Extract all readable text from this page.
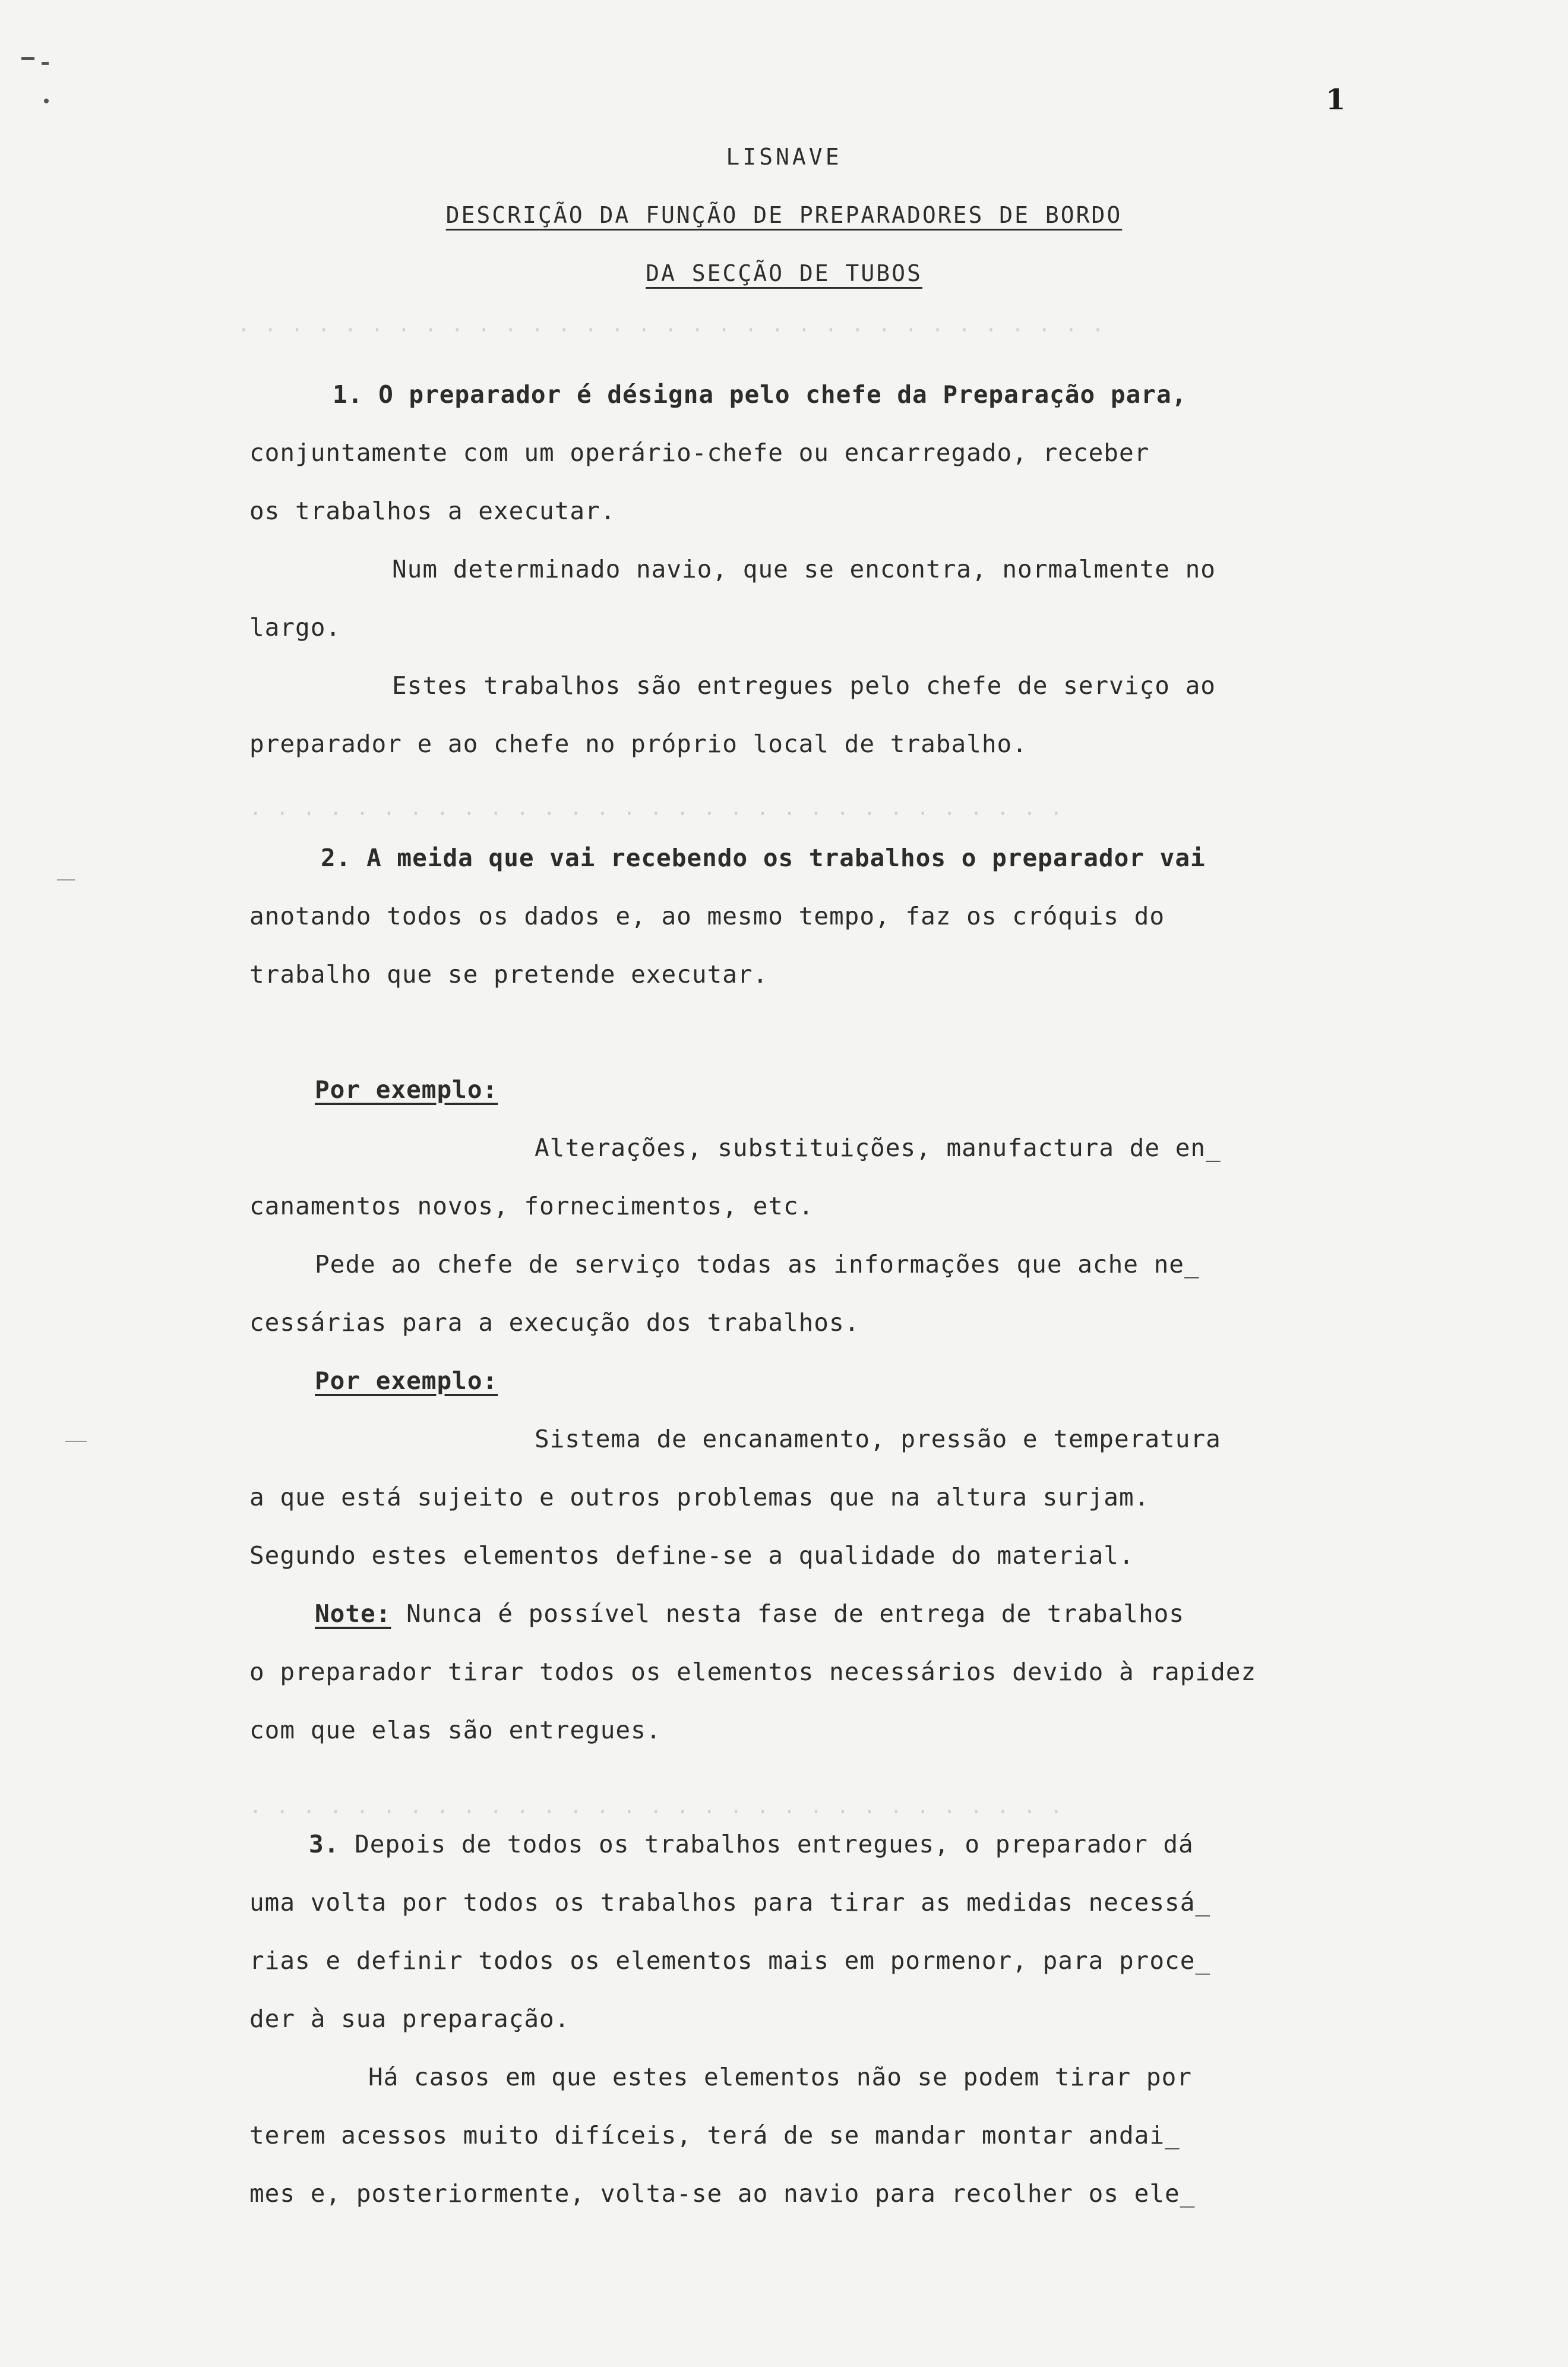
1
LISNAVE
DESCRIÇÃO DA FUNÇÃO DE PREPARADORES DE BORDO
DA SECÇÃO DE TUBOS
· · · · · · · · · · · · · · · · · · · · · · · · · · · · · · · · ·
· · · · · · · · · · · · · · · · · · · · · · · · · · · · · · ·
· · · · · · · · · · · · · · · · · · · · · · · · · · · · · · ·
1. O preparador é désigna pelo chefe da Preparação para,
conjuntamente com um operário-chefe ou encarregado, receber
os trabalhos a executar.
Num determinado navio, que se encontra, normalmente no
largo.
Estes trabalhos são entregues pelo chefe de serviço ao
preparador e ao chefe no próprio local de trabalho.
2. A meida que vai recebendo os trabalhos o preparador vai
anotando todos os dados e, ao mesmo tempo, faz os cróquis do
trabalho que se pretende executar.
Por exemplo:
Alterações, substituições, manufactura de en_
canamentos novos, fornecimentos, etc.
Pede ao chefe de serviço todas as informações que ache ne_
cessárias para a execução dos trabalhos.
Por exemplo:
Sistema de encanamento, pressão e temperatura
a que está sujeito e outros problemas que na altura surjam.
Segundo estes elementos define-se a qualidade do material.
Note: Nunca é possível nesta fase de entrega de trabalhos
o preparador tirar todos os elementos necessários devido à rapidez
com que elas são entregues.
3. Depois de todos os trabalhos entregues, o preparador dá
uma volta por todos os trabalhos para tirar as medidas necessá_
rias e definir todos os elementos mais em pormenor, para proce_
der à sua preparação.
Há casos em que estes elementos não se podem tirar por
terem acessos muito difíceis, terá de se mandar montar andai_
mes e, posteriormente, volta-se ao navio para recolher os ele_
